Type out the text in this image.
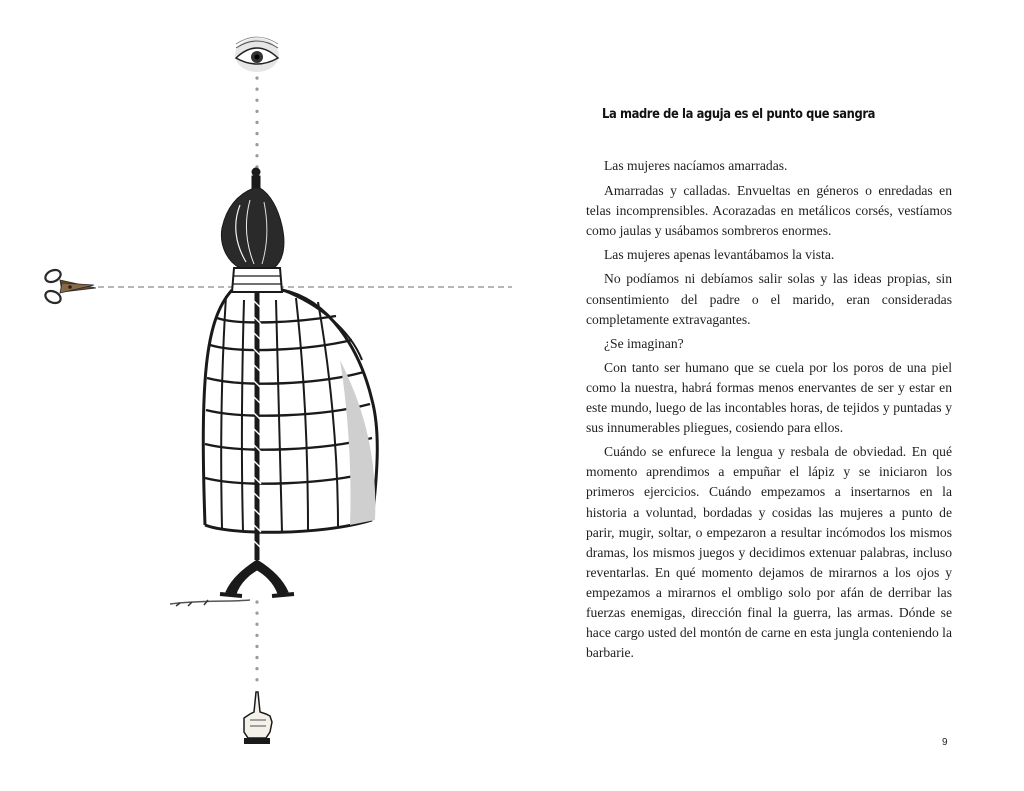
La madre de la aguja es el punto que sangra

Las mujeres nacíamos amarradas.

Amarradas y calladas. Envueltas en géneros o enredadas en telas incomprensibles. Acorazadas en metálicos corsés, vestíamos como jaulas y usábamos sombreros enormes.

Las mujeres apenas levantábamos la vista.

No podíamos ni debíamos salir solas y las ideas propias, sin consentimiento del padre o el marido, eran consideradas completamente extravagantes.

¿Se imaginan?

Con tanto ser humano que se cuela por los poros de una piel como la nuestra, habrá formas menos enervantes de ser y estar en este mundo, luego de las incontables horas, de tejidos y puntadas y sus innumerables pliegues, cosiendo para ellos.

Cuándo se enfurece la lengua y resbala de obviedad. En qué momento aprendimos a empuñar el lápiz y se iniciaron los primeros ejercicios. Cuándo empezamos a insertarnos en la historia a voluntad, bordadas y cosidas las mujeres a punto de parir, mugir, soltar, o empezaron a resultar incómodos los mismos dramas, los mismos juegos y decidimos extenuar palabras, incluso reventarlas. En qué momento dejamos de mirarnos a los ojos y empezamos a mirarnos el ombligo solo por afán de derribar las fuerzas enemigas, dirección final la guerra, las armas. Dónde se hace cargo usted del montón de carne en esta jungla conteniendo la barbarie.

9
